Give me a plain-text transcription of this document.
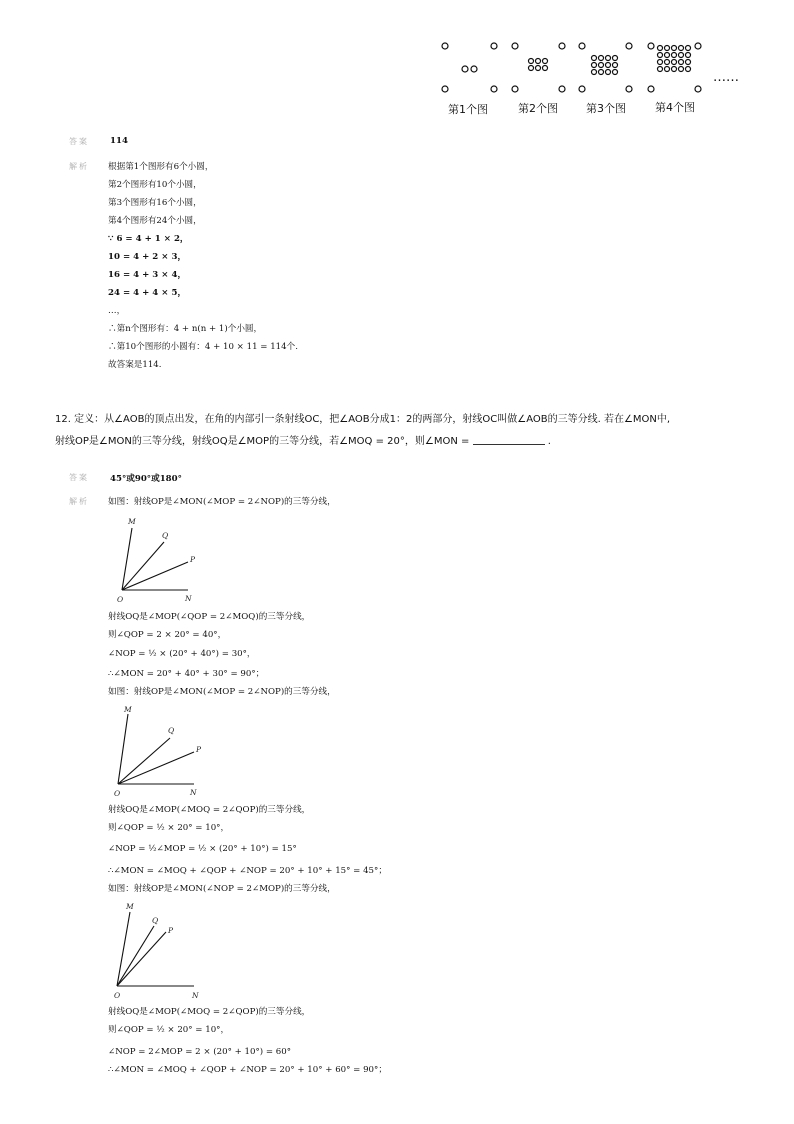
……
第1个图	第2个图	第3个图	第4个图
答案 114
解析 根据第1个图形有6个小圆，
第2个图形有10个小圆，
第3个图形有16个小圆，
第4个图形有24个小圆，
∵ 6 = 4 + 1 × 2，
10 = 4 + 2 × 3，
16 = 4 + 3 × 4，
24 = 4 + 4 × 5，
…，
∴第n个图形有：4 + n(n + 1)个小圆，
∴第10个图形的小圆有：4 + 10 × 11 = 114个.
故答案是114.
12. 定义：从∠AOB的顶点出发，在角的内部引一条射线OC，把∠AOB分成1：2的两部分，射线OC叫做∠AOB的三等分线. 若在∠MON中,
射线OP是∠MON的三等分线，射线OQ是∠MOP的三等分线，若∠MOQ = 20°，则∠MON =	.
答案 45°或90°或180°
解析 如图：射线OP是∠MON(∠MOP = 2∠NOP)的三等分线，
M
Q
P
O	N
射线OQ是∠MOP(∠QOP = 2∠MOQ)的三等分线，
则∠QOP = 2 × 20° = 40°，
∠NOP = ½ × (20° + 40°) = 30°，
∴∠MON = 20° + 40° + 30° = 90°；
如图：射线OP是∠MON(∠MOP = 2∠NOP)的三等分线，
M
Q
P
O	N
射线OQ是∠MOP(∠MOQ = 2∠QOP)的三等分线，
则∠QOP = ½ × 20° = 10°，
∠NOP = ½∠MOP = ½ × (20° + 10°) = 15°
∴∠MON = ∠MOQ + ∠QOP + ∠NOP = 20° + 10° + 15° = 45°；
如图：射线OP是∠MON(∠NOP = 2∠MOP)的三等分线，
M
Q
P
O	N
射线OQ是∠MOP(∠MOQ = 2∠QOP)的三等分线，
则∠QOP = ½ × 20° = 10°，
∠NOP = 2∠MOP = 2 × (20° + 10°) = 60°
∴∠MON = ∠MOQ + ∠QOP + ∠NOP = 20° + 10° + 60° = 90°；
